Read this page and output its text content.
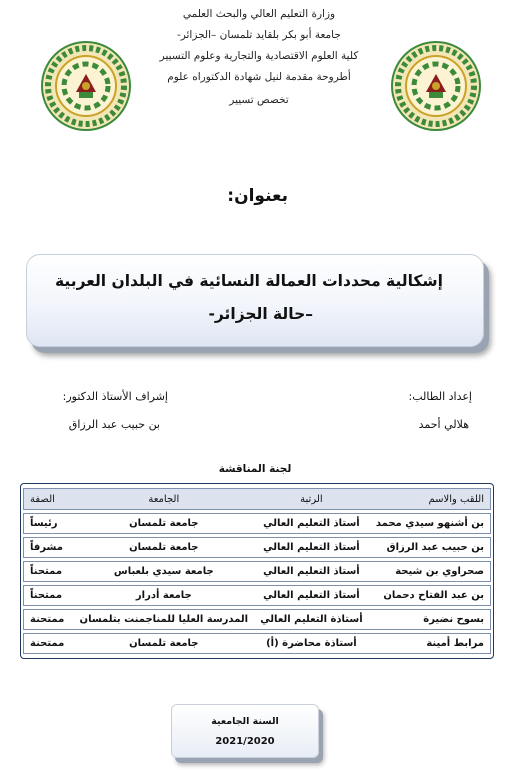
وزارة التعليم العالي والبحث العلمي
جامعة أبو بكر بلقايد تلمسان –الجزائر-
كلية العلوم الاقتصادية والتجارية وعلوم التسيير
أطروحة مقدمة لنيل شهادة الدكتوراه علوم
تخصص تسيير
بعنوان:
إشكالية محددات العمالة النسائية في البلدان العربية
–حالة الجزائر-
إعداد الطالب:
هلالي أحمد
إشراف الأستاذ الدكتور:
بن حبيب عبد الرزاق
لجنة المناقشة
اللقب والاسم	الرتبة	الجامعة	الصفة
بن أشنهو سيدي محمد	أستاذ التعليم العالي	جامعة تلمسان	رئيساً
بن حبيب عبد الرزاق	أستاذ التعليم العالي	جامعة تلمسان	مشرفاً
صحراوي بن شيحة	أستاذ التعليم العالي	جامعة سيدي بلعباس	ممتحناً
بن عبد الفتاح دحمان	أستاذ التعليم العالي	جامعة أدرار	ممتحناً
بسوح نضيرة	أستاذة التعليم العالي	المدرسة العليا للمناجمنت بتلمسان	ممتحنة
مرابط أمينة	أستاذة محاضرة (أ)	جامعة تلمسان	ممتحنة
السنة الجامعية
2021/2020
